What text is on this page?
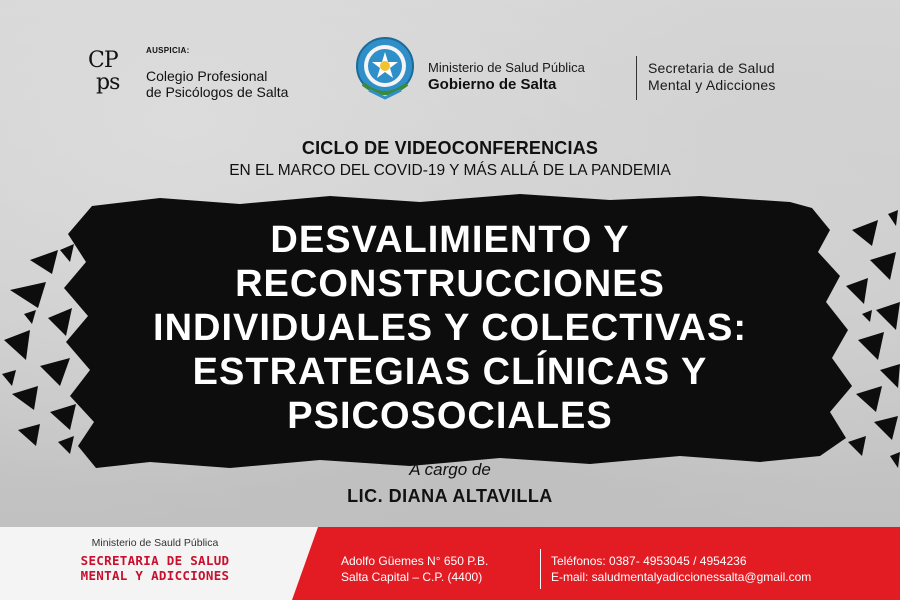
CP
ps
AUSPICIA:
Colegio Profesional
de Psicólogos de Salta
Ministerio de Salud Pública
Gobierno de Salta
Secretaria de Salud
Mental y Adicciones
CICLO DE VIDEOCONFERENCIAS
EN EL MARCO DEL COVID-19 Y MÁS ALLÁ DE LA PANDEMIA
DESVALIMIENTO Y
RECONSTRUCCIONES
INDIVIDUALES Y COLECTIVAS:
ESTRATEGIAS CLÍNICAS Y
PSICOSOCIALES
A cargo de
LIC. DIANA ALTAVILLA
Ministerio de Sauld Pública
SECRETARIA DE SALUD
MENTAL Y ADICCIONES
Adolfo Güemes N° 650 P.B.
Salta Capital – C.P. (4400)
Teléfonos: 0387- 4953045 / 4954236
E-mail: saludmentalyadiccionessalta@gmail.com
